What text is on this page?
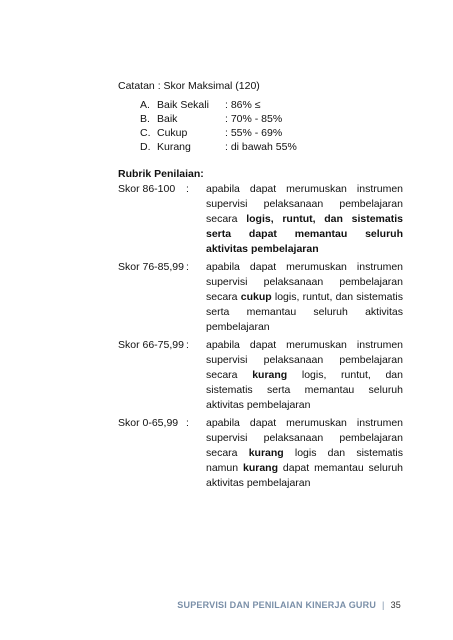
Catatan : Skor Maksimal (120)
A. Baik Sekali : 86% ≤
B. Baik	: 70% - 85%
C. Cukup	: 55% - 69%
D. Kurang	: di bawah 55%
Rubrik Penilaian:
Skor 86-100	:	apabila dapat merumuskan instrumen supervisi pelaksanaan pembelajaran secara logis, runtut, dan sistematis serta dapat memantau seluruh aktivitas pembelajaran
Skor 76-85,99 :	apabila dapat merumuskan instrumen supervisi pelaksanaan pembelajaran secara cukup logis, runtut, dan sistematis serta memantau seluruh aktivitas pembelajaran
Skor 66-75,99 :	apabila dapat merumuskan instrumen supervisi pelaksanaan pembelajaran secara kurang logis, runtut, dan sistematis serta memantau seluruh aktivitas pembelajaran
Skor 0-65,99 :	apabila dapat merumuskan instrumen supervisi pelaksanaan pembelajaran secara kurang logis dan sistematis namun kurang dapat memantau seluruh aktivitas pembelajaran
SUPERVISI DAN PENILAIAN KINERJA GURU | 35
